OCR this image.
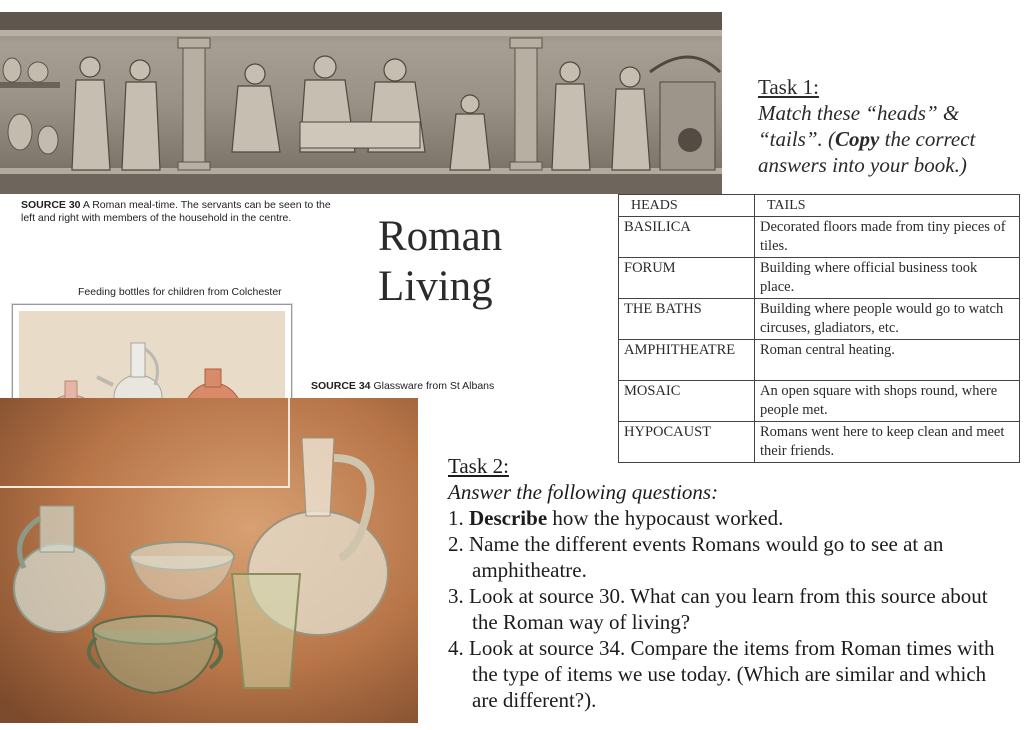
SOURCE 30 A Roman meal-time. The servants can be seen to the left and right with members of the household in the centre.	Roman
Living
Feeding bottles for children from Colchester
SOURCE 34 Glassware from St Albans
Task 1:
Match these “heads” &
“tails”. (Copy the correct
answers into your book.)
HEADS	TAILS
BASILICA	Decorated floors made from tiny pieces of tiles.
FORUM	Building where official business took place.
THE BATHS	Building where people would go to watch circuses, gladiators, etc.
AMPHITHEATRE	Roman central heating.
MOSAIC	An open square with shops round, where people met.
HYPOCAUST	Romans went here to keep clean and meet their friends.
Task 2:
Answer the following questions:
1. Describe how the hypocaust worked.
2. Name the different events Romans would go to see at an amphitheatre.
3. Look at source 30. What can you learn from this source about the Roman way of living?
4. Look at source 34. Compare the items from Roman times with the type of items we use today. (Which are similar and which are different?).
